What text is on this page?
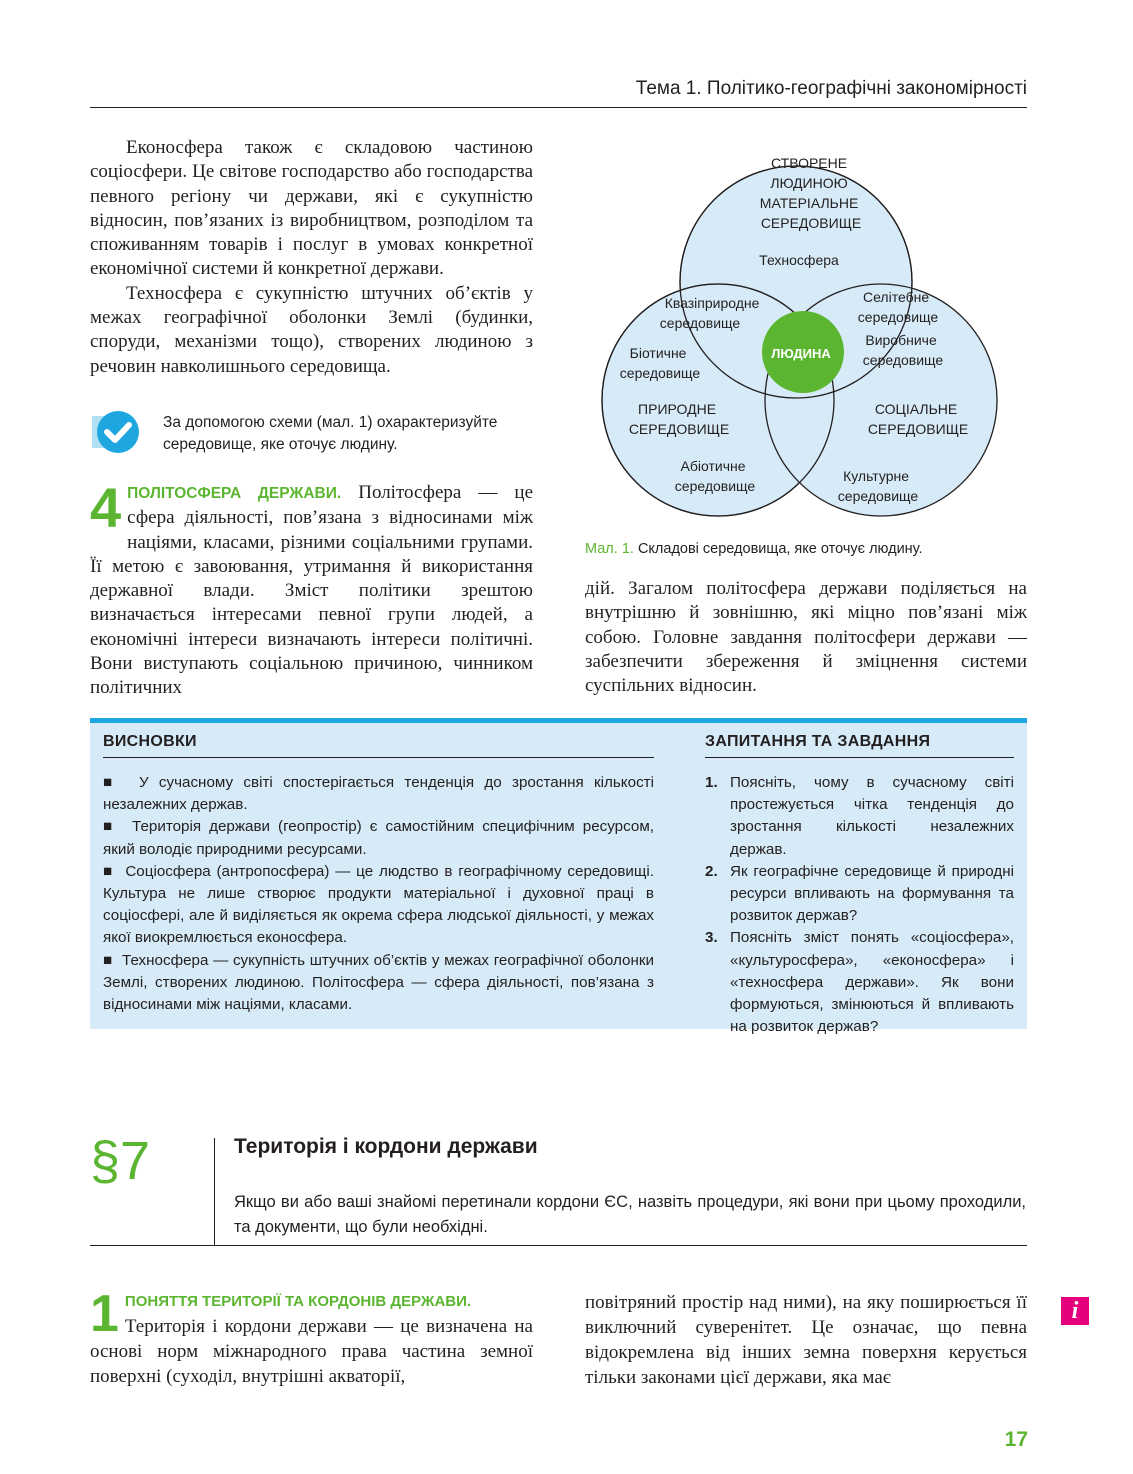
Тема 1. Політико-географічні закономірності

Еконосфера також є складовою частиною соціосфери. Це світове господарство або господарства певного регіону чи держави, які є сукупністю відносин, пов’язаних із виробництвом, розподілом та споживанням товарів і послуг в умовах конкретної економічної системи й конкретної держави.

Техносфера є сукупністю штучних об’єктів у межах географічної оболонки Землі (будинки, споруди, механізми тощо), створених людиною з речовин навколишнього середовища.

За допомогою схеми (мал. 1) охарактеризуйте середовище, яке оточує людину.
4 ПОЛІТОСФЕРА ДЕРЖАВИ. Політосфера — це сфера діяльності, пов’язана з відносинами між націями, класами, різними соціальними групами. Її метою є завоювання, утримання й використання державної влади. Зміст політики зрештою визначається інтересами певної групи людей, а економічні інтереси визначають інтереси політичні. Вони виступають соціальною причиною, чинником політичних
СТВОРЕНЕ ЛЮДИНОЮ МАТЕРІАЛЬНЕ СЕРЕДОВИЩЕ
Техносфера
Квазіприродне середовище
Селітебне середовище
Біотичне середовище
Виробниче середовище
ЛЮДИНА
ПРИРОДНЕ СЕРЕДОВИЩЕ
СОЦІАЛЬНЕ СЕРЕДОВИЩЕ
Абіотичне середовище
Культурне середовище
Мал. 1. Складові середовища, яке оточує людину.

дій. Загалом політосфера держави поділяється на внутрішню й зовнішню, які міцно пов’язані між собою. Головне завдання політосфери держави — забезпечити збереження й зміцнення системи суспільних відносин.

ВИСНОВКИ

■  У сучасному світі спостерігається тенденція до зростання кількості незалежних держав.

■  Територія держави (геопростір) є самостійним специфічним ресурсом, який володіє природними ресурсами.

■  Соціосфера (антропосфера) — це людство в географічному середовищі. Культура не лише створює продукти матеріальної і духовної праці в соціосфері, але й виділяється як окрема сфера людської діяльності, у межах якої виокремлюється еконосфера.

■  Техносфера — сукупність штучних об’єктів у межах географічної оболонки Землі, створених людиною. Політосфера — сфера діяльності, пов’язана з відносинами між націями, класами.

ЗАПИТАННЯ ТА ЗАВДАННЯ
1. Поясніть, чому в сучасному світі простежується чітка тенденція до зростання кількості незалежних держав.
2. Як географічне середовище й природні ресурси впливають на формування та розвиток держав?
3. Поясніть зміст понять «соціосфера», «культуросфера», «еконосфера» і «техносфера держави». Як вони формуються, змінюються й впливають на розвиток держав?
§7	Територія і кордони держави
Якщо ви або ваші знайомі перетинали кордони ЄС, назвіть процедури, які вони при цьому проходили, та документи, що були необхідні.
1 ПОНЯТТЯ ТЕРИТОРІЇ ТА КОРДОНІВ ДЕРЖАВИ.
Територія і кордони держави — це визначена на основі норм міжнародного права частина земної поверхні (суходіл, внутрішні акваторії,

повітряний простір над ними), на яку поширюється її виключний суверенітет. Це означає, що певна відокремлена від інших земна поверхня керується тільки законами цієї держави, яка має

i
17
